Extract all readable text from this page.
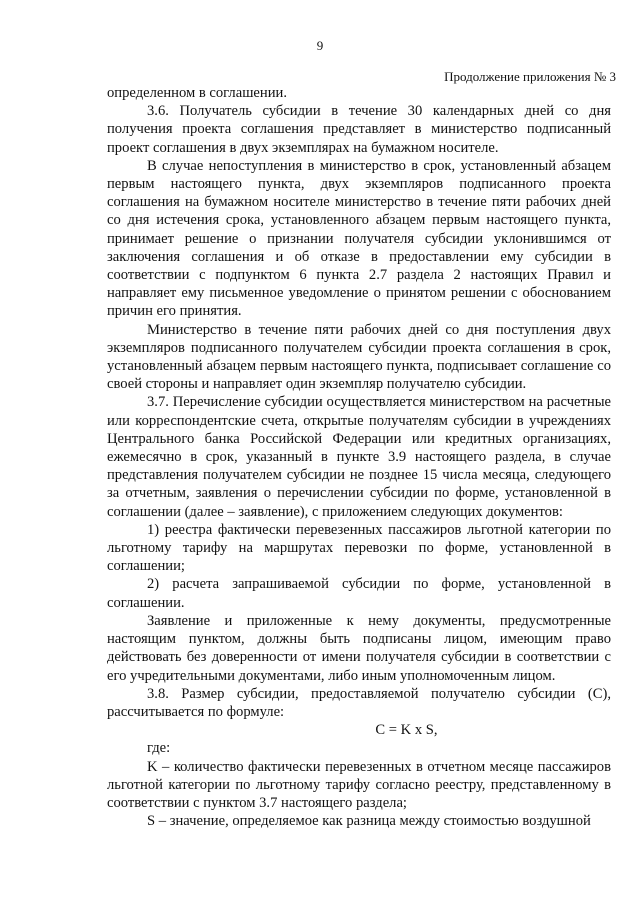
9
Продолжение приложения № 3

определенном в соглашении.

3.6. Получатель субсидии в течение 30 календарных дней со дня получения проекта соглашения представляет в министерство подписанный проект соглашения в двух экземплярах на бумажном носителе.

В случае непоступления в министерство в срок, установленный абзацем первым настоящего пункта, двух экземпляров подписанного проекта соглашения на бумажном носителе министерство в течение пяти рабочих дней со дня истечения срока, установленного абзацем первым настоящего пункта, принимает решение о признании получателя субсидии уклонившимся от заключения соглашения и об отказе в предоставлении ему субсидии в соответствии с подпунктом 6 пункта 2.7 раздела 2 настоящих Правил и направляет ему письменное уведомление о принятом решении с обоснованием причин его принятия.

Министерство в течение пяти рабочих дней со дня поступления двух экземпляров подписанного получателем субсидии проекта соглашения в срок, установленный абзацем первым настоящего пункта, подписывает соглашение со своей стороны и направляет один экземпляр получателю субсидии.

3.7. Перечисление субсидии осуществляется министерством на расчетные или корреспондентские счета, открытые получателям субсидии в учреждениях Центрального банка Российской Федерации или кредитных организациях, ежемесячно в срок, указанный в пункте 3.9 настоящего раздела, в случае представления получателем субсидии не позднее 15 числа месяца, следующего за отчетным, заявления о перечислении субсидии по форме, установленной в соглашении (далее – заявление), с приложением следующих документов:

1) реестра фактически перевезенных пассажиров льготной категории по льготному тарифу на маршрутах перевозки по форме, установленной в соглашении;

2) расчета запрашиваемой субсидии по форме, установленной в соглашении.

Заявление и приложенные к нему документы, предусмотренные настоящим пунктом, должны быть подписаны лицом, имеющим право действовать без доверенности от имени получателя субсидии в соответствии с его учредительными документами, либо иным уполномоченным лицом.

3.8. Размер субсидии, предоставляемой получателю субсидии (С), рассчитывается по формуле:

С = K x S,

где:

K – количество фактически перевезенных в отчетном месяце пассажиров льготной категории по льготному тарифу согласно реестру, представленному в соответствии с пунктом 3.7 настоящего раздела;

S – значение, определяемое как разница между стоимостью воздушной
